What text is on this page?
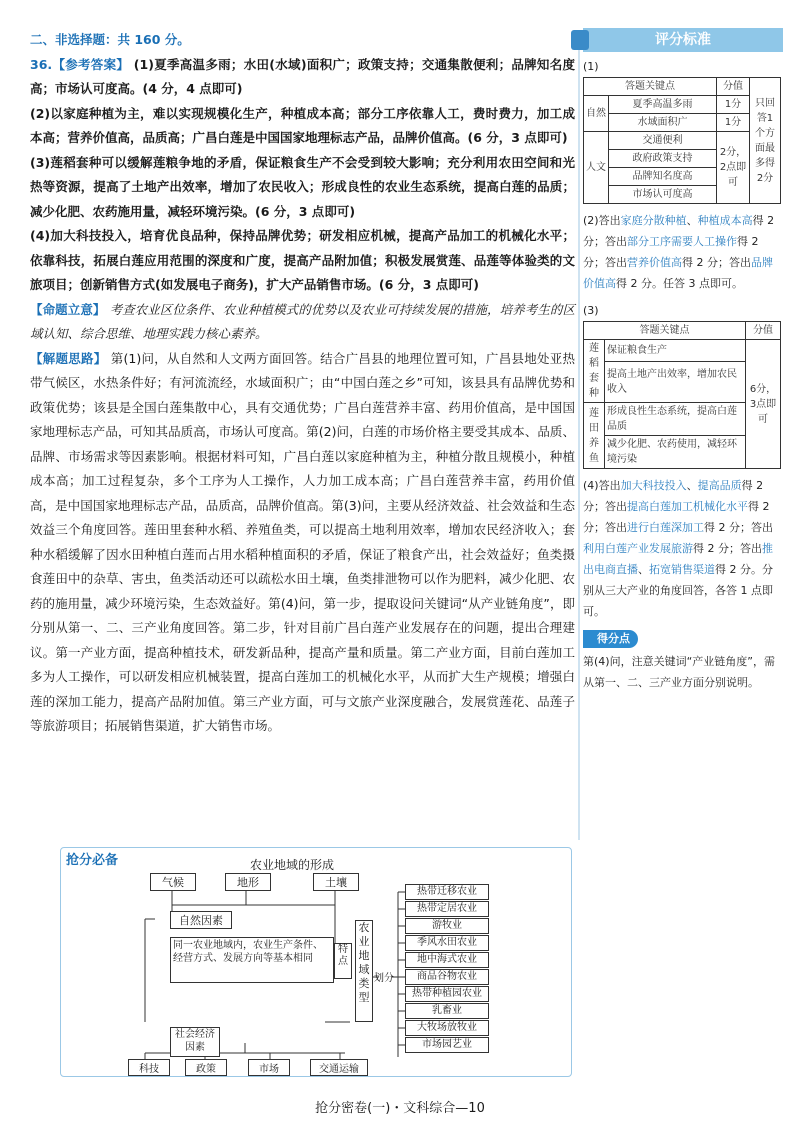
二、非选择题：共 160 分。

36.【参考答案】 (1)夏季高温多雨；水田(水域)面积广；政策支持；交通集散便利；品牌知名度高；市场认可度高。(4 分，4 点即可)

(2)以家庭种植为主，难以实现规模化生产，种植成本高；部分工序依靠人工，费时费力，加工成本高；营养价值高，品质高；广昌白莲是中国国家地理标志产品，品牌价值高。(6 分，3 点即可)

(3)莲稻套种可以缓解莲粮争地的矛盾，保证粮食生产不会受到较大影响；充分利用农田空间和光热等资源，提高了土地产出效率，增加了农民收入；形成良性的农业生态系统，提高白莲的品质；减少化肥、农药施用量，减轻环境污染。(6 分，3 点即可)

(4)加大科技投入，培育优良品种，保持品牌优势；研发相应机械，提高产品加工的机械化水平；依靠科技，拓展白莲应用范围的深度和广度，提高产品附加值；积极发展赏莲、品莲等体验类的文旅项目；创新销售方式(如发展电子商务)，扩大产品销售市场。(6 分，3 点即可)

【命题立意】 考查农业区位条件、农业种植模式的优势以及农业可持续发展的措施，培养考生的区域认知、综合思维、地理实践力核心素养。

【解题思路】 第(1)问，从自然和人文两方面回答。结合广昌县的地理位置可知，广昌县地处亚热带气候区，水热条件好；有河流流经，水域面积广；由“中国白莲之乡”可知，该县具有品牌优势和政策优势；该县是全国白莲集散中心，具有交通优势；广昌白莲营养丰富、药用价值高，是中国国家地理标志产品，可知其品质高，市场认可度高。第(2)问，白莲的市场价格主要受其成本、品质、品牌、市场需求等因素影响。根据材料可知，广昌白莲以家庭种植为主，种植分散且规模小，种植成本高；加工过程复杂，多个工序为人工操作，人力加工成本高；广昌白莲营养丰富，药用价值高，是中国国家地理标志产品，品质高，品牌价值高。第(3)问，主要从经济效益、社会效益和生态效益三个角度回答。莲田里套种水稻、养殖鱼类，可以提高土地利用效率，增加农民经济收入；套种水稻缓解了因水田种植白莲而占用水稻种植面积的矛盾，保证了粮食产出，社会效益好；鱼类摄食莲田中的杂草、害虫，鱼类活动还可以疏松水田土壤，鱼类排泄物可以作为肥料，减少化肥、农药的施用量，减少环境污染，生态效益好。第(4)问，第一步，提取设问关键词“从产业链角度”，即分别从第一、二、三产业角度回答。第二步，针对目前广昌白莲产业发展存在的问题，提出合理建议。第一产业方面，提高种植技术，研发新品种，提高产量和质量。第二产业方面，目前白莲加工多为人工操作，可以研发相应机械装置，提高白莲加工的机械化水平，从而扩大生产规模；增强白莲的深加工能力，提高产品附加值。第三产业方面，可与文旅产业深度融合，发展赏莲花、品莲子等旅游项目；拓展销售渠道，扩大销售市场。

评分标准
(1)
答题关键点		分值	只回答1个方面最多得2分
自然	夏季高温多雨	1分	
	水域面积广	1分	
人文	交通便利	2分，2点即可	
	政府政策支持		
	品牌知名度高		
	市场认可度高		
(2)答出家庭分散种植、种植成本高得 2 分；答出部分工序需要人工操作得 2 分；答出营养价值高得 2 分；答出品牌价值高得 2 分。任答 3 点即可。
(3)
答题关键点		分值
莲稻套种	保证粮食生产	6分，3点即可
	提高土地产出效率，增加农民收入	
莲田养鱼	形成良性生态系统，提高白莲品质	
	减少化肥、农药使用，减轻环境污染	
(4)答出加大科技投入、提高品质得 2 分；答出提高白莲加工机械化水平得 2 分；答出进行白莲深加工得 2 分；答出利用白莲产业发展旅游得 2 分；答出推出电商直播、拓宽销售渠道得 2 分。分别从三大产业的角度回答，各答 1 点即可。
得分点
第(4)问，注意关键词“产业链角度”，需从第一、二、三产业方面分别说明。
抢分必备	农业地域的形成
气候	地形	土壤
自然因素
同一农业地域内，农业生产条件、经营方式、发展方向等基本相同
特点
农业地域类型
划分
社会经济因素
科技	政策	市场	交通运输
热带迁移农业
热带定居农业
游牧业
季风水田农业
地中海式农业
商品谷物农业
热带种植园农业
乳畜业
大牧场放牧业
市场园艺业
抢分密卷(一)・文科综合—10
